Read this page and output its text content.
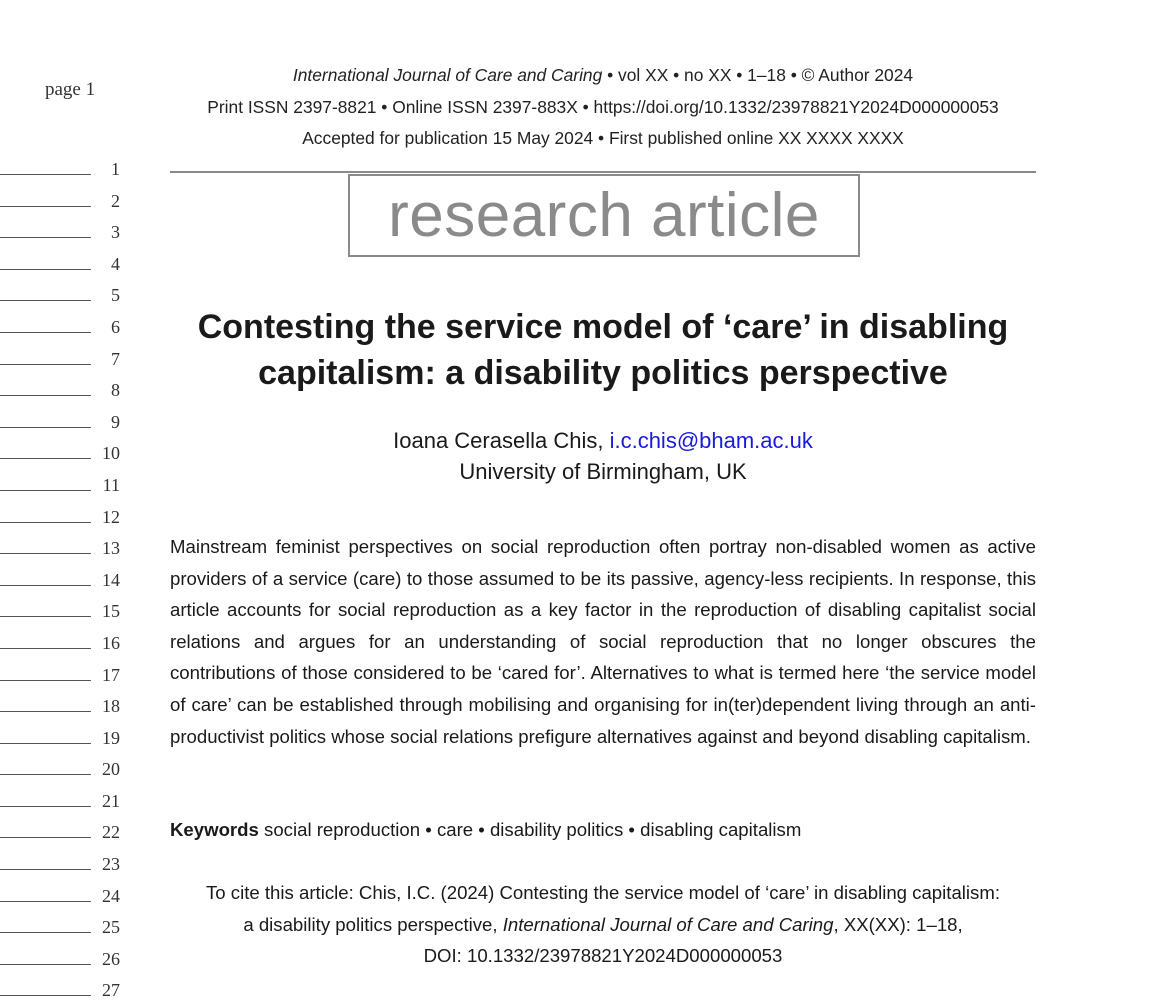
page 1
1
2
3
4
5
6
7
8
9
10
11
12
13
14
15
16
17
18
19
20
21
22
23
24
25
26
27
International Journal of Care and Caring • vol XX • no XX • 1–18 • © Author 2024
Print ISSN 2397-8821 • Online ISSN 2397-883X • https://doi.org/10.1332/23978821Y2024D000000053
Accepted for publication 15 May 2024 • First published online XX XXXX XXXX
research article
Contesting the service model of ‘care’ in disabling
capitalism: a disability politics perspective
Ioana Cerasella Chis, i.c.chis@bham.ac.uk
University of Birmingham, UK
Mainstream feminist perspectives on social reproduction often portray non-disabled women as active providers of a service (care) to those assumed to be its passive, agency-less recipients. In response, this article accounts for social reproduction as a key factor in the reproduction of disabling capitalist social relations and argues for an understanding of social reproduction that no longer obscures the contributions of those considered to be ‘cared for’. Alternatives to what is termed here ‘the service model of care’ can be established through mobilising and organising for in(ter)dependent living through an anti-productivist politics whose social relations prefigure alternatives against and beyond disabling capitalism.
Keywords social reproduction • care • disability politics • disabling capitalism
To cite this article: Chis, I.C. (2024) Contesting the service model of ‘care’ in disabling capitalism:
a disability politics perspective, International Journal of Care and Caring, XX(XX): 1–18,
DOI: 10.1332/23978821Y2024D000000053
